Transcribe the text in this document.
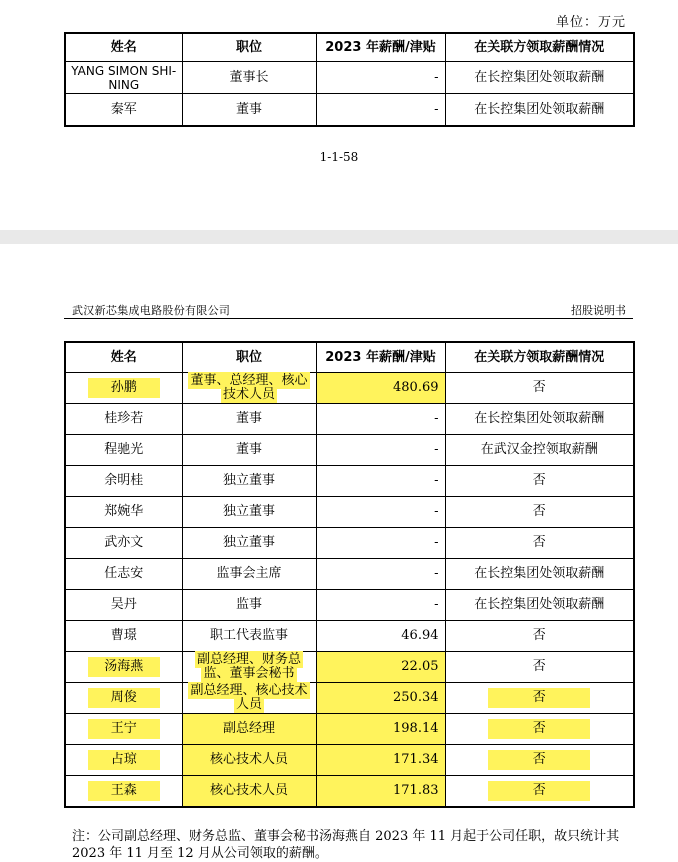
单位：万元
姓名	职位	2023 年薪酬/津贴	在关联方领取薪酬情况
YANG SIMON SHI-NING	董事长	-	在长控集团处领取薪酬
秦军	董事	-	在长控集团处领取薪酬
1-1-58
武汉新芯集成电路股份有限公司	招股说明书
姓名	职位	2023 年薪酬/津贴	在关联方领取薪酬情况
孙鹏	董事、总经理、核心技术人员	480.69	否
桂珍若	董事	-	在长控集团处领取薪酬
程驰光	董事	-	在武汉金控领取薪酬
余明桂	独立董事	-	否
郑婉华	独立董事	-	否
武亦文	独立董事	-	否
任志安	监事会主席	-	在长控集团处领取薪酬
吴丹	监事	-	在长控集团处领取薪酬
曹璟	职工代表监事	46.94	否
汤海燕	副总经理、财务总监、董事会秘书	22.05	否
周俊	副总经理、核心技术人员	250.34	否
王宁	副总经理	198.14	否
占琼	核心技术人员	171.34	否
王森	核心技术人员	171.83	否
注：公司副总经理、财务总监、董事会秘书汤海燕自 2023 年 11 月起于公司任职，故只统计其 2023 年 11 月至 12 月从公司领取的薪酬。
